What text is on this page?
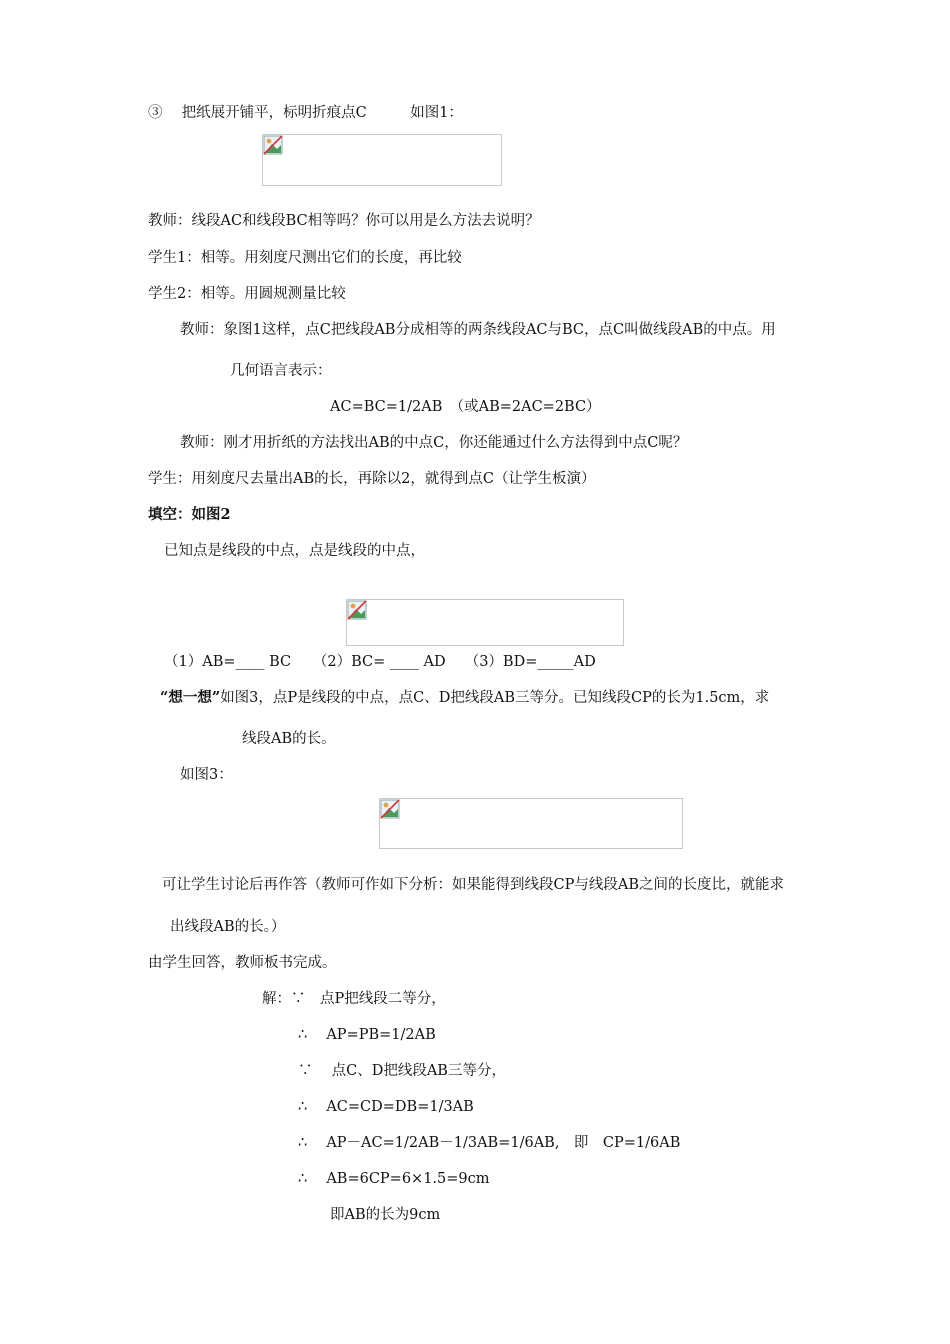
③　 把纸展开铺平，标明折痕点C　　　如图1：
教师：线段AC和线段BC相等吗？你可以用是么方法去说明？
学生1：相等。用刻度尺测出它们的长度，再比较
学生2：相等。用圆规测量比较
教师：象图1这样，点C把线段AB分成相等的两条线段AC与BC，点C叫做线段AB的中点。用
几何语言表示：
AC=BC=1/2AB　（或AB=2AC=2BC）
教师：刚才用折纸的方法找出AB的中点C，你还能通过什么方法得到中点C呢？
学生：用刻度尺去量出AB的长，再除以2，就得到点C（让学生板演）
填空：如图2
已知点是线段的中点，点是线段的中点，
（1）AB=____ BC　　（2）BC= ____ AD　 （3）BD=_____AD
“想一想”如图3，点P是线段的中点，点C、D把线段AB三等分。已知线段CP的长为1.5cm，求
线段AB的长。
如图3：
可让学生讨论后再作答（教师可作如下分析：如果能得到线段CP与线段AB之间的长度比，就能求
出线段AB的长。）
由学生回答，教师板书完成。
解：∵　点P把线段二等分，
∴　 AP=PB=1/2AB
∵　 点C、D把线段AB三等分，
∴　 AC=CD=DB=1/3AB
∴　 AP－AC=1/2AB－1/3AB=1/6AB,　即　CP=1/6AB
∴　 AB=6CP=6×1.5=9cm
即AB的长为9cm
